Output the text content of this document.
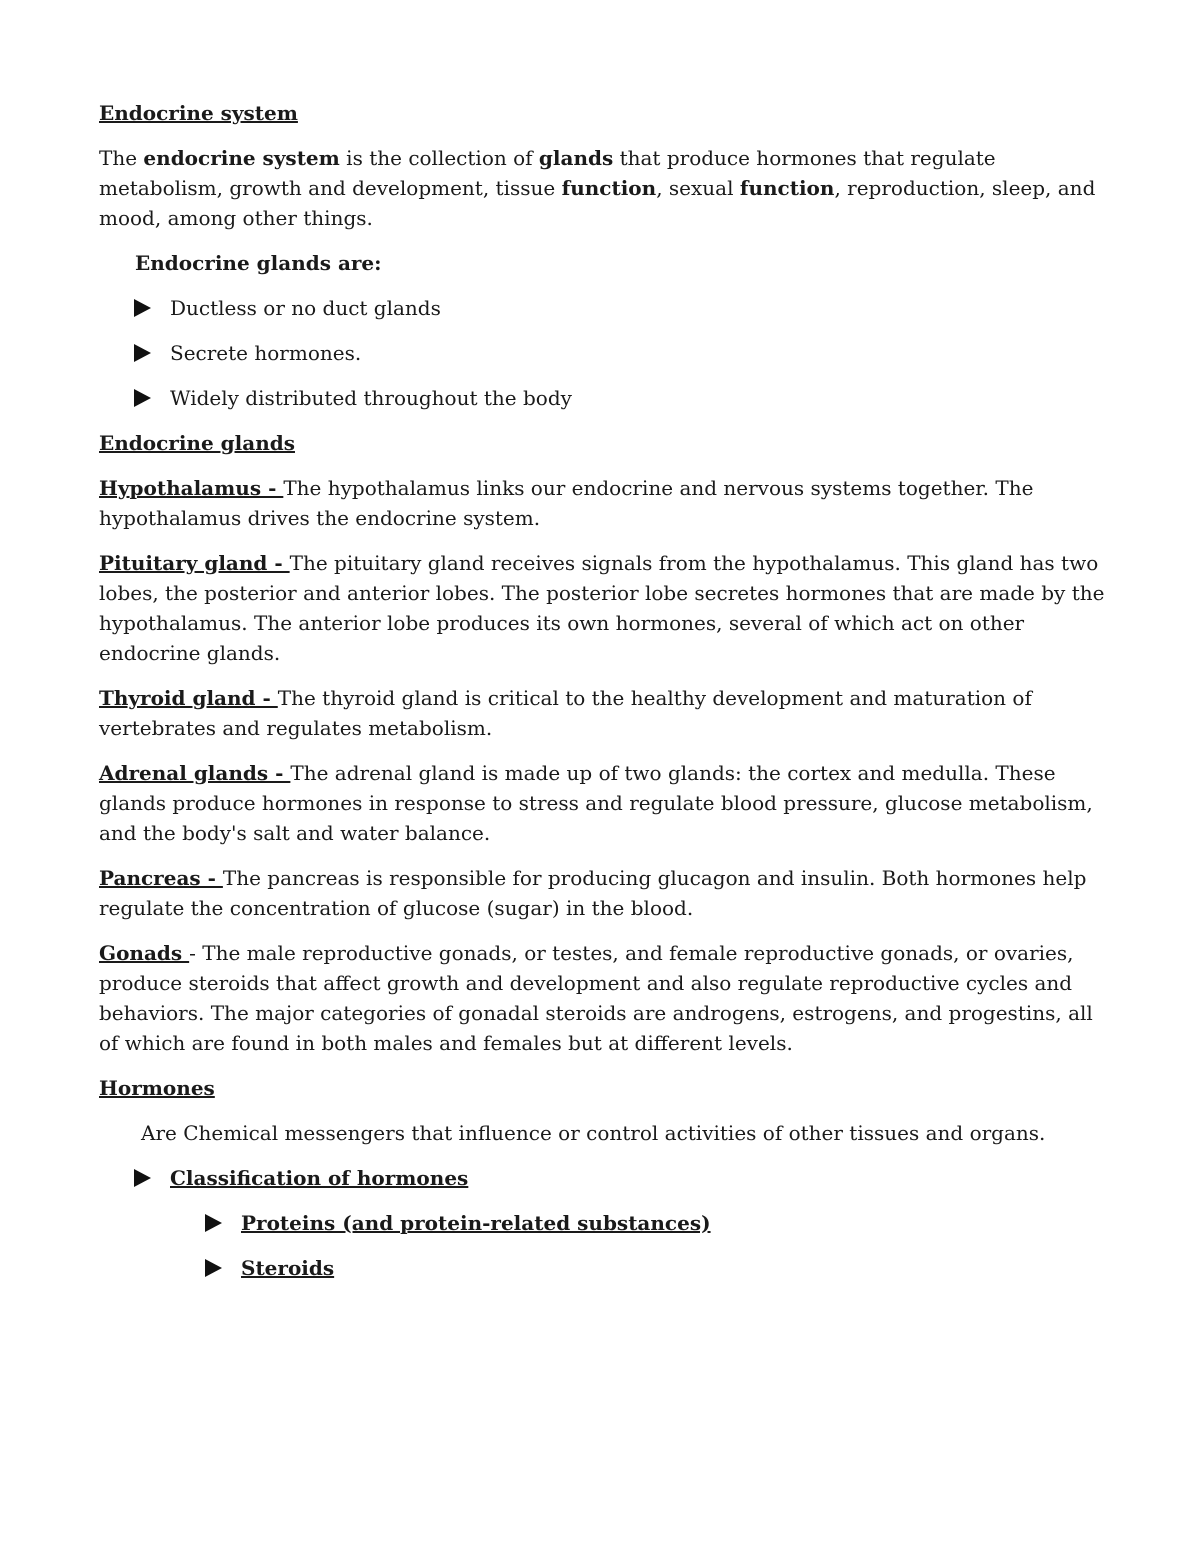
Endocrine system

The endocrine system is the collection of glands that produce hormones that regulate metabolism, growth and development, tissue function, sexual function, reproduction, sleep, and mood, among other things.

Endocrine glands are:

Ductless or no duct glands
Secrete hormones.
Widely distributed throughout the body

Endocrine glands

Hypothalamus - The hypothalamus links our endocrine and nervous systems together. The hypothalamus drives the endocrine system.

Pituitary gland - The pituitary gland receives signals from the hypothalamus. This gland has two lobes, the posterior and anterior lobes. The posterior lobe secretes hormones that are made by the hypothalamus. The anterior lobe produces its own hormones, several of which act on other endocrine glands.

Thyroid gland - The thyroid gland is critical to the healthy development and maturation of vertebrates and regulates metabolism.

Adrenal glands - The adrenal gland is made up of two glands: the cortex and medulla. These glands produce hormones in response to stress and regulate blood pressure, glucose metabolism, and the body's salt and water balance.

Pancreas - The pancreas is responsible for producing glucagon and insulin. Both hormones help regulate the concentration of glucose (sugar) in the blood.

Gonads - The male reproductive gonads, or testes, and female reproductive gonads, or ovaries, produce steroids that affect growth and development and also regulate reproductive cycles and behaviors. The major categories of gonadal steroids are androgens, estrogens, and progestins, all of which are found in both males and females but at different levels.

Hormones

Are Chemical messengers that influence or control activities of other tissues and organs.

Classification of hormones
Proteins (and protein-related substances)
Steroids
